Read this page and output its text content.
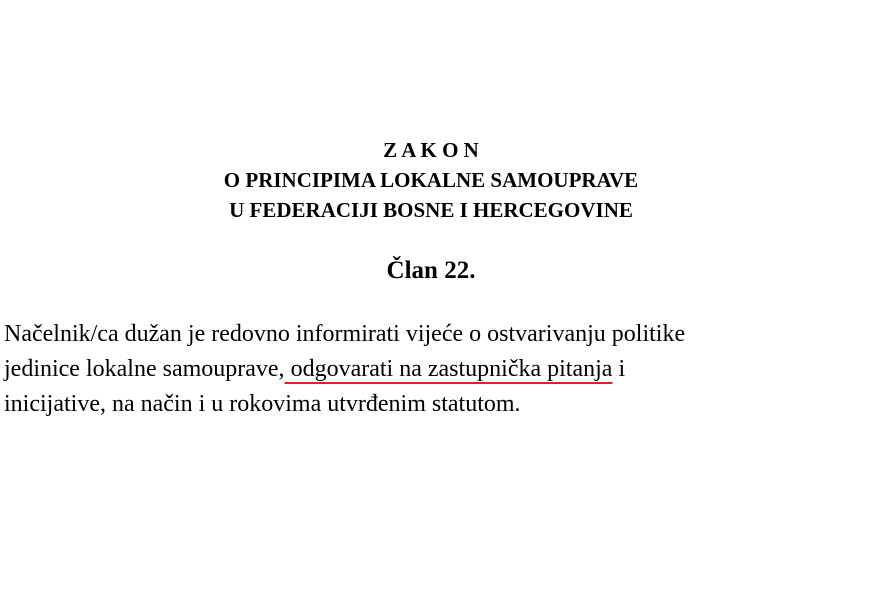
Z A K O N
O PRINCIPIMA LOKALNE SAMOUPRAVE
U FEDERACIJI BOSNE I HERCEGOVINE
Član 22.
Načelnik/ca dužan je redovno informirati vijeće o ostvarivanju politike
jedinice lokalne samouprave, odgovarati na zastupnička pitanja i
inicijative, na način i u rokovima utvrđenim statutom.
